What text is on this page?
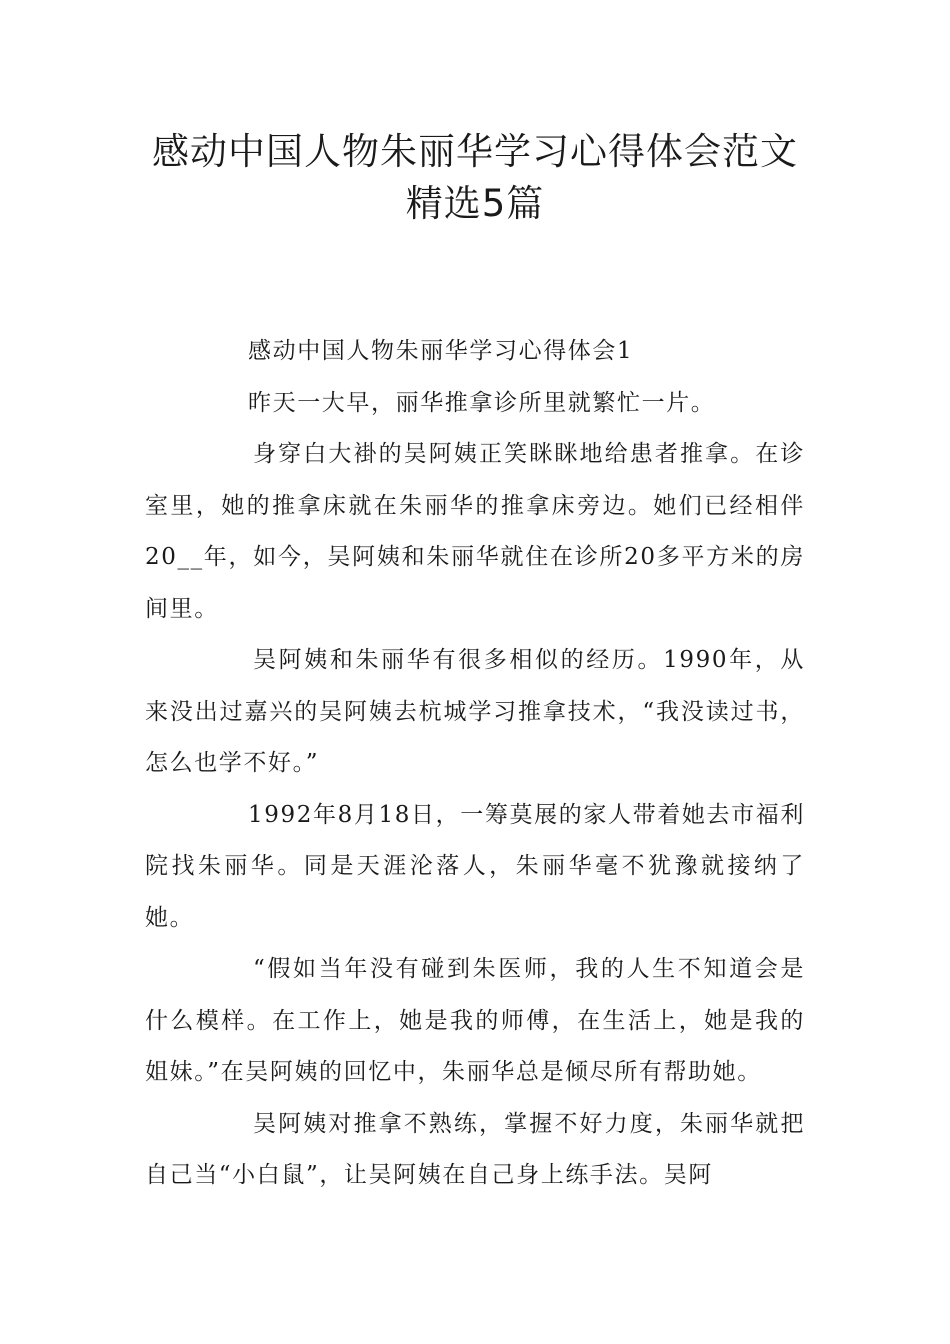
感动中国人物朱丽华学习心得体会范文
精选5篇

感动中国人物朱丽华学习心得体会1

昨天一大早，丽华推拿诊所里就繁忙一片。

身穿白大褂的吴阿姨正笑眯眯地给患者推拿。在诊室里，她的推拿床就在朱丽华的推拿床旁边。她们已经相伴20__年，如今，吴阿姨和朱丽华就住在诊所20多平方米的房间里。

吴阿姨和朱丽华有很多相似的经历。1990年，从来没出过嘉兴的吴阿姨去杭城学习推拿技术，“我没读过书，怎么也学不好。”

1992年8月18日，一筹莫展的家人带着她去市福利院找朱丽华。同是天涯沦落人，朱丽华毫不犹豫就接纳了她。

“假如当年没有碰到朱医师，我的人生不知道会是什么模样。在工作上，她是我的师傅，在生活上，她是我的姐妹。”在吴阿姨的回忆中，朱丽华总是倾尽所有帮助她。

吴阿姨对推拿不熟练，掌握不好力度，朱丽华就把自己当“小白鼠”，让吴阿姨在自己身上练手法。吴阿
